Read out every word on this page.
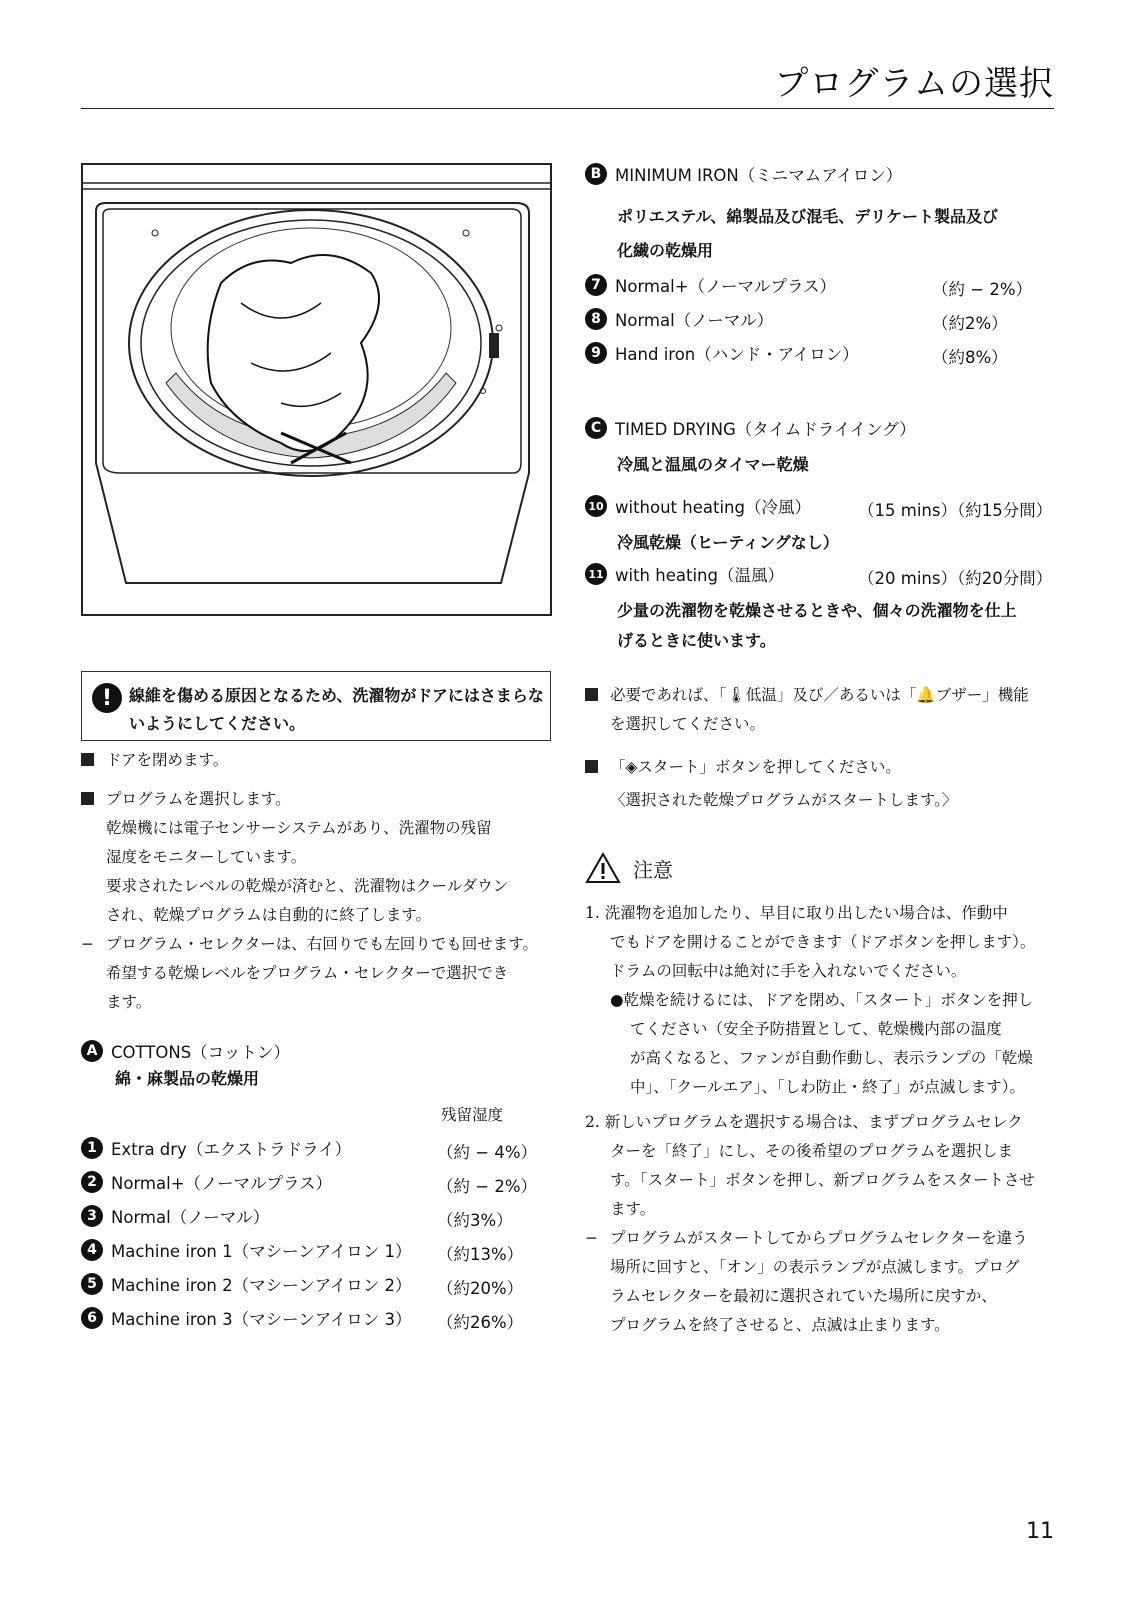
プログラムの選択
!	線維を傷める原因となるため、洗濯物がドアにはさまらないようにしてください。
ドアを閉めます。
プログラムを選択します。
乾燥機には電子センサーシステムがあり、洗濯物の残留
湿度をモニターしています。
要求されたレベルの乾燥が済むと、洗濯物はクールダウン
され、乾燥プログラムは自動的に終了します。
− プログラム・セレクターは、右回りでも左回りでも回せます。
希望する乾燥レベルをプログラム・セレクターで選択でき
ます。
A COTTONS（コットン）
綿・麻製品の乾燥用
残留湿度
1 Extra dry（エクストラドライ）	（約 − 4%）
2 Normal+（ノーマルプラス）	（約 − 2%）
3 Normal（ノーマル）	（約3%）
4 Machine iron 1（マシーンアイロン 1） （約13%）
5 Machine iron 2（マシーンアイロン 2） （約20%）
6 Machine iron 3（マシーンアイロン 3） （約26%）
B MINIMUM IRON（ミニマムアイロン）
ポリエステル、綿製品及び混毛、デリケート製品及び
化繊の乾燥用
7 Normal+（ノーマルプラス）	（約 − 2%）
8 Normal（ノーマル）	（約2%）
9 Hand iron（ハンド・アイロン）	（約8%）
C TIMED DRYING（タイムドライイング）
冷風と温風のタイマー乾燥
10 without heating（冷風）	（15 mins）（約15分間）
冷風乾燥（ヒーティングなし）
11 with heating（温風）	（20 mins）（約20分間）
少量の洗濯物を乾燥させるときや、個々の洗濯物を仕上
げるときに使います。
必要であれば、「🌡低温」及び／あるいは「🔔ブザー」機能
を選択してください。
「◈スタート」ボタンを押してください。
〈選択された乾燥プログラムがスタートします。〉
注意
1. 洗濯物を追加したり、早目に取り出したい場合は、作動中
でもドアを開けることができます（ドアボタンを押します）。
ドラムの回転中は絶対に手を入れないでください。
●乾燥を続けるには、ドアを閉め、「スタート」ボタンを押し
てください（安全予防措置として、乾燥機内部の温度
が高くなると、ファンが自動作動し、表示ランプの「乾燥
中」、「クールエア」、「しわ防止・終了」が点滅します）。
2. 新しいプログラムを選択する場合は、まずプログラムセレク
ターを「終了」にし、その後希望のプログラムを選択しま
す。「スタート」ボタンを押し、新プログラムをスタートさせ
ます。
− プログラムがスタートしてからプログラムセレクターを違う
場所に回すと、「オン」の表示ランプが点滅します。プログ
ラムセレクターを最初に選択されていた場所に戻すか、
プログラムを終了させると、点滅は止まります。
11
